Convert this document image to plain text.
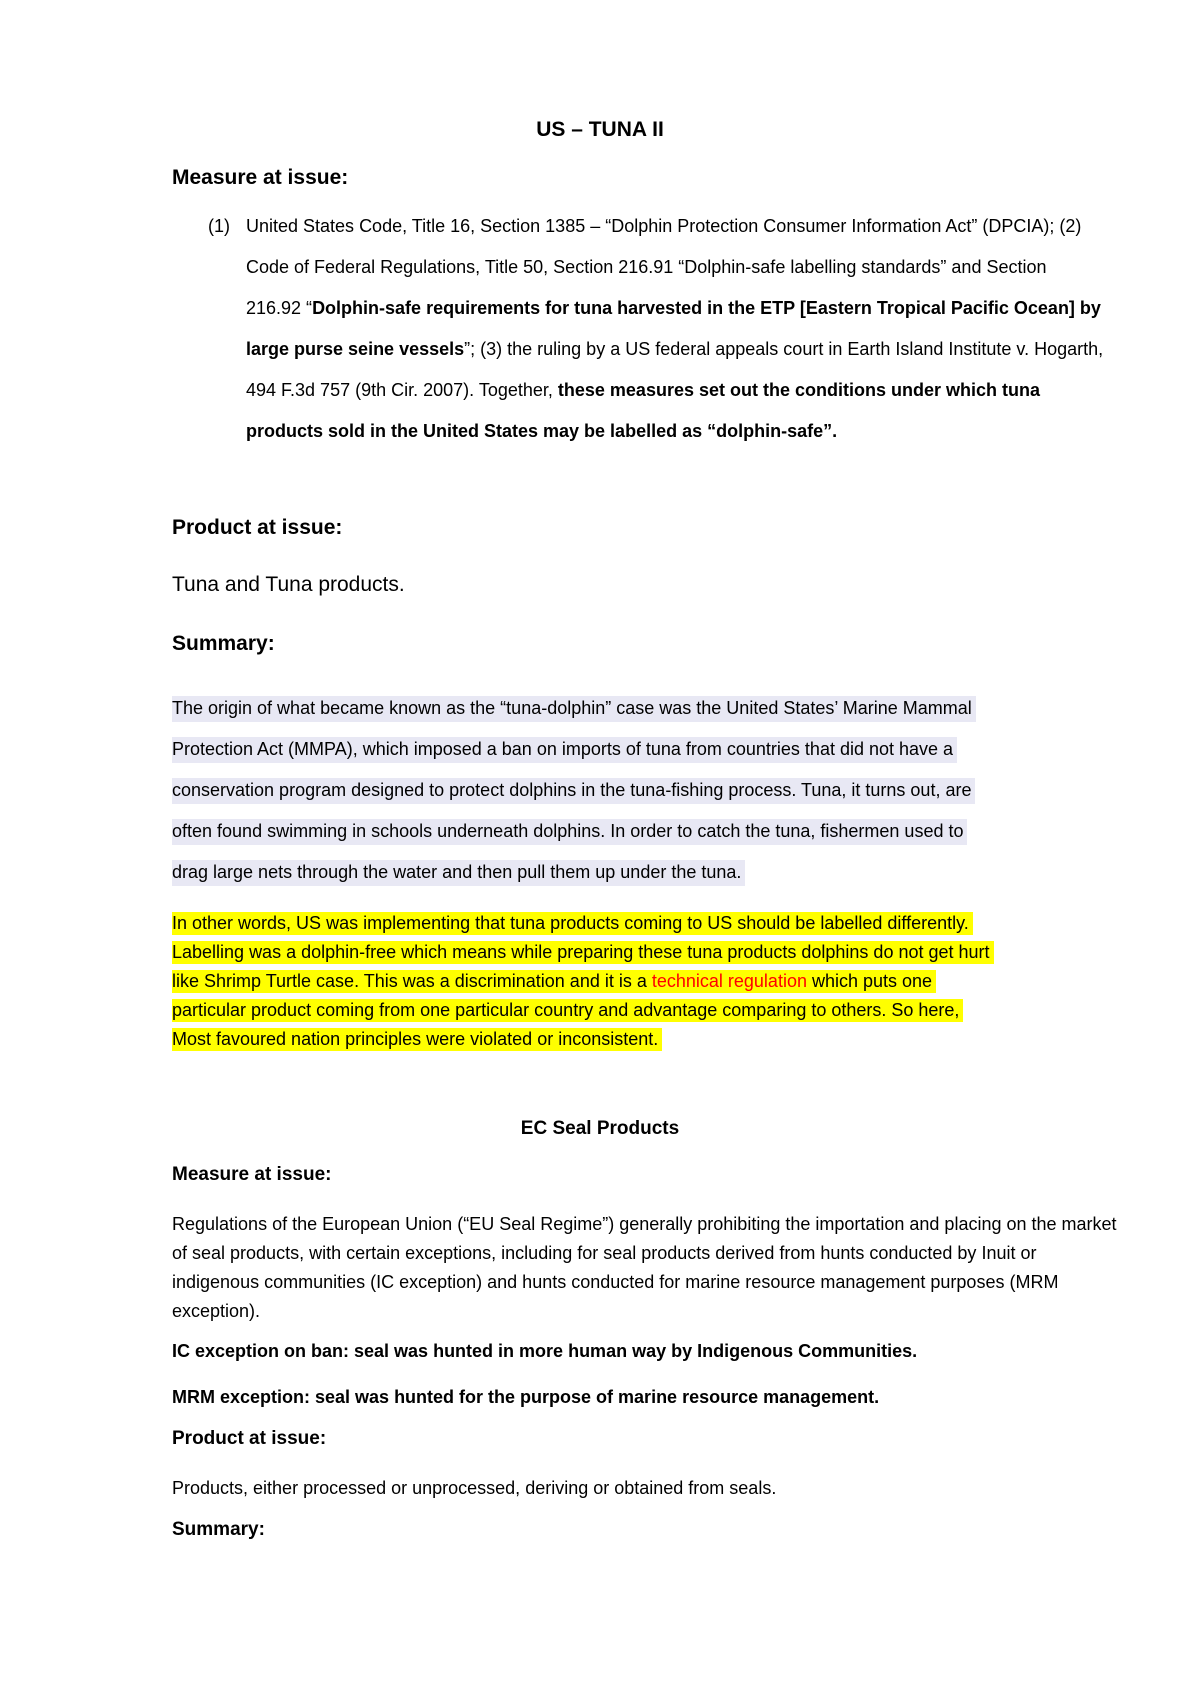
US – TUNA II
Measure at issue:
(1) United States Code, Title 16, Section 1385 – “Dolphin Protection Consumer Information Act” (DPCIA); (2) Code of Federal Regulations, Title 50, Section 216.91 “Dolphin-safe labelling standards” and Section 216.92 “Dolphin-safe requirements for tuna harvested in the ETP [Eastern Tropical Pacific Ocean] by large purse seine vessels”; (3) the ruling by a US federal appeals court in Earth Island Institute v. Hogarth, 494 F.3d 757 (9th Cir. 2007). Together, these measures set out the conditions under which tuna products sold in the United States may be labelled as “dolphin-safe”.
Product at issue:
Tuna and Tuna products.
Summary:
The origin of what became known as the “tuna-dolphin” case was the United States’ Marine Mammal
Protection Act (MMPA), which imposed a ban on imports of tuna from countries that did not have a
conservation program designed to protect dolphins in the tuna-fishing process. Tuna, it turns out, are
often found swimming in schools underneath dolphins. In order to catch the tuna, fishermen used to
drag large nets through the water and then pull them up under the tuna.
In other words, US was implementing that tuna products coming to US should be labelled differently.
Labelling was a dolphin-free which means while preparing these tuna products dolphins do not get hurt
like Shrimp Turtle case. This was a discrimination and it is a technical regulation which puts one
particular product coming from one particular country and advantage comparing to others. So here,
Most favoured nation principles were violated or inconsistent.
EC Seal Products
Measure at issue:
Regulations of the European Union (“EU Seal Regime”) generally prohibiting the importation and placing on the market of seal products, with certain exceptions, including for seal products derived from hunts conducted by Inuit or indigenous communities (IC exception) and hunts conducted for marine resource management purposes (MRM exception).
IC exception on ban: seal was hunted in more human way by Indigenous Communities.
MRM exception: seal was hunted for the purpose of marine resource management.
Product at issue:
Products, either processed or unprocessed, deriving or obtained from seals.
Summary:
